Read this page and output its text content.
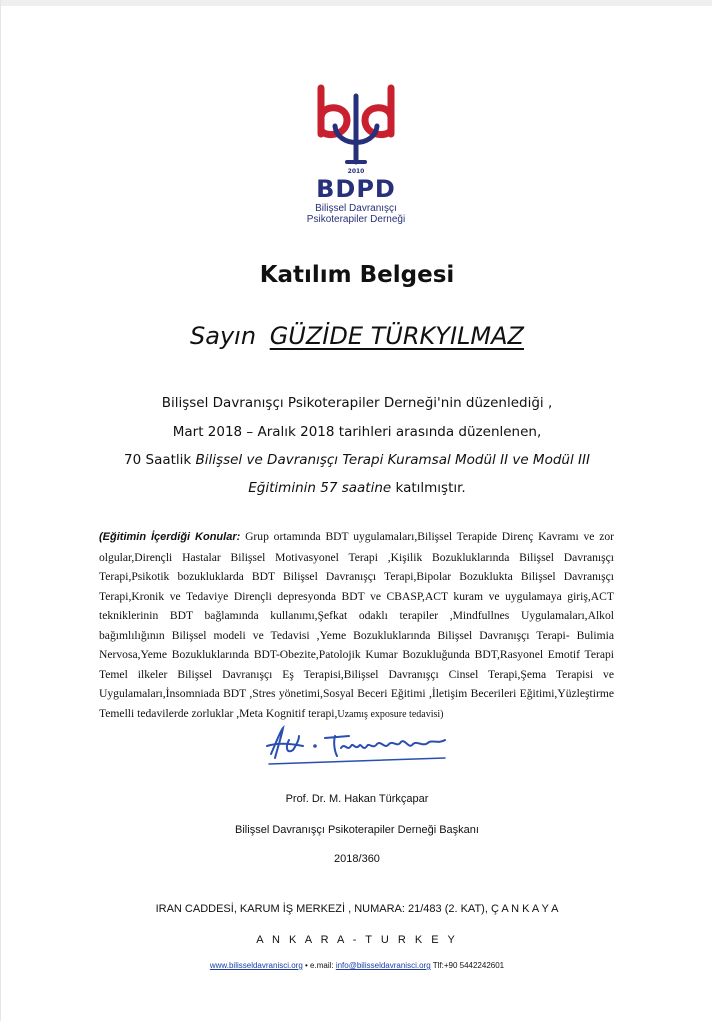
2010
BDPD
Bilişsel Davranışçı
Psikoterapiler Derneği
Katılım Belgesi
Sayın GÜZİDE TÜRKYILMAZ
Bilişsel Davranışçı Psikoterapiler Derneği'nin düzenlediği ,
Mart 2018 – Aralık 2018 tarihleri arasında düzenlenen,
70 Saatlik Bilişsel ve Davranışçı Terapi Kuramsal Modül II ve Modül III
Eğitiminin 57 saatine katılmıştır.
(Eğitimin İçerdiği Konular: Grup ortamında BDT uygulamaları,Bilişsel Terapide Direnç Kavramı ve zor olgular,Dirençli Hastalar Bilişsel Motivasyonel Terapi ,Kişilik Bozukluklarında Bilişsel Davranışçı Terapi,Psikotik bozukluklarda BDT Bilişsel Davranışçı Terapi,Bipolar Bozuklukta Bilişsel Davranışçı Terapi,Kronik ve Tedaviye Dirençli depresyonda BDT ve CBASP,ACT kuram ve uygulamaya giriş,ACT tekniklerinin BDT bağlamında kullanımı,Şefkat odaklı terapiler ,Mindfullnes Uygulamaları,Alkol bağımlılığının Bilişsel modeli ve Tedavisi ,Yeme Bozukluklarında Bilişsel Davranışçı Terapi- Bulimia Nervosa,Yeme Bozukluklarında BDT-Obezite,Patolojik Kumar Bozukluğunda BDT,Rasyonel Emotif Terapi Temel ilkeler Bilişsel Davranışçı Eş Terapisi,Bilişsel Davranışçı Cinsel Terapi,Şema Terapisi ve Uygulamaları,İnsomniada BDT ,Stres yönetimi,Sosyal Beceri Eğitimi ,İletişim Becerileri Eğitimi,Yüzleştirme Temelli tedavilerde zorluklar ,Meta Kognitif terapi,Uzamış exposure tedavisi)
Prof. Dr. M. Hakan Türkçapar
Bilişsel Davranışçı Psikoterapiler Derneği Başkanı
2018/360
IRAN CADDESİ, KARUM İŞ MERKEZİ , NUMARA: 21/483 (2. KAT), Ç A N K A Y A
A N K A R A - T U R K E Y
www.bilisseldavranisci.org • e.mail: info@bilisseldavranisci.org Tlf:+90 5442242601
